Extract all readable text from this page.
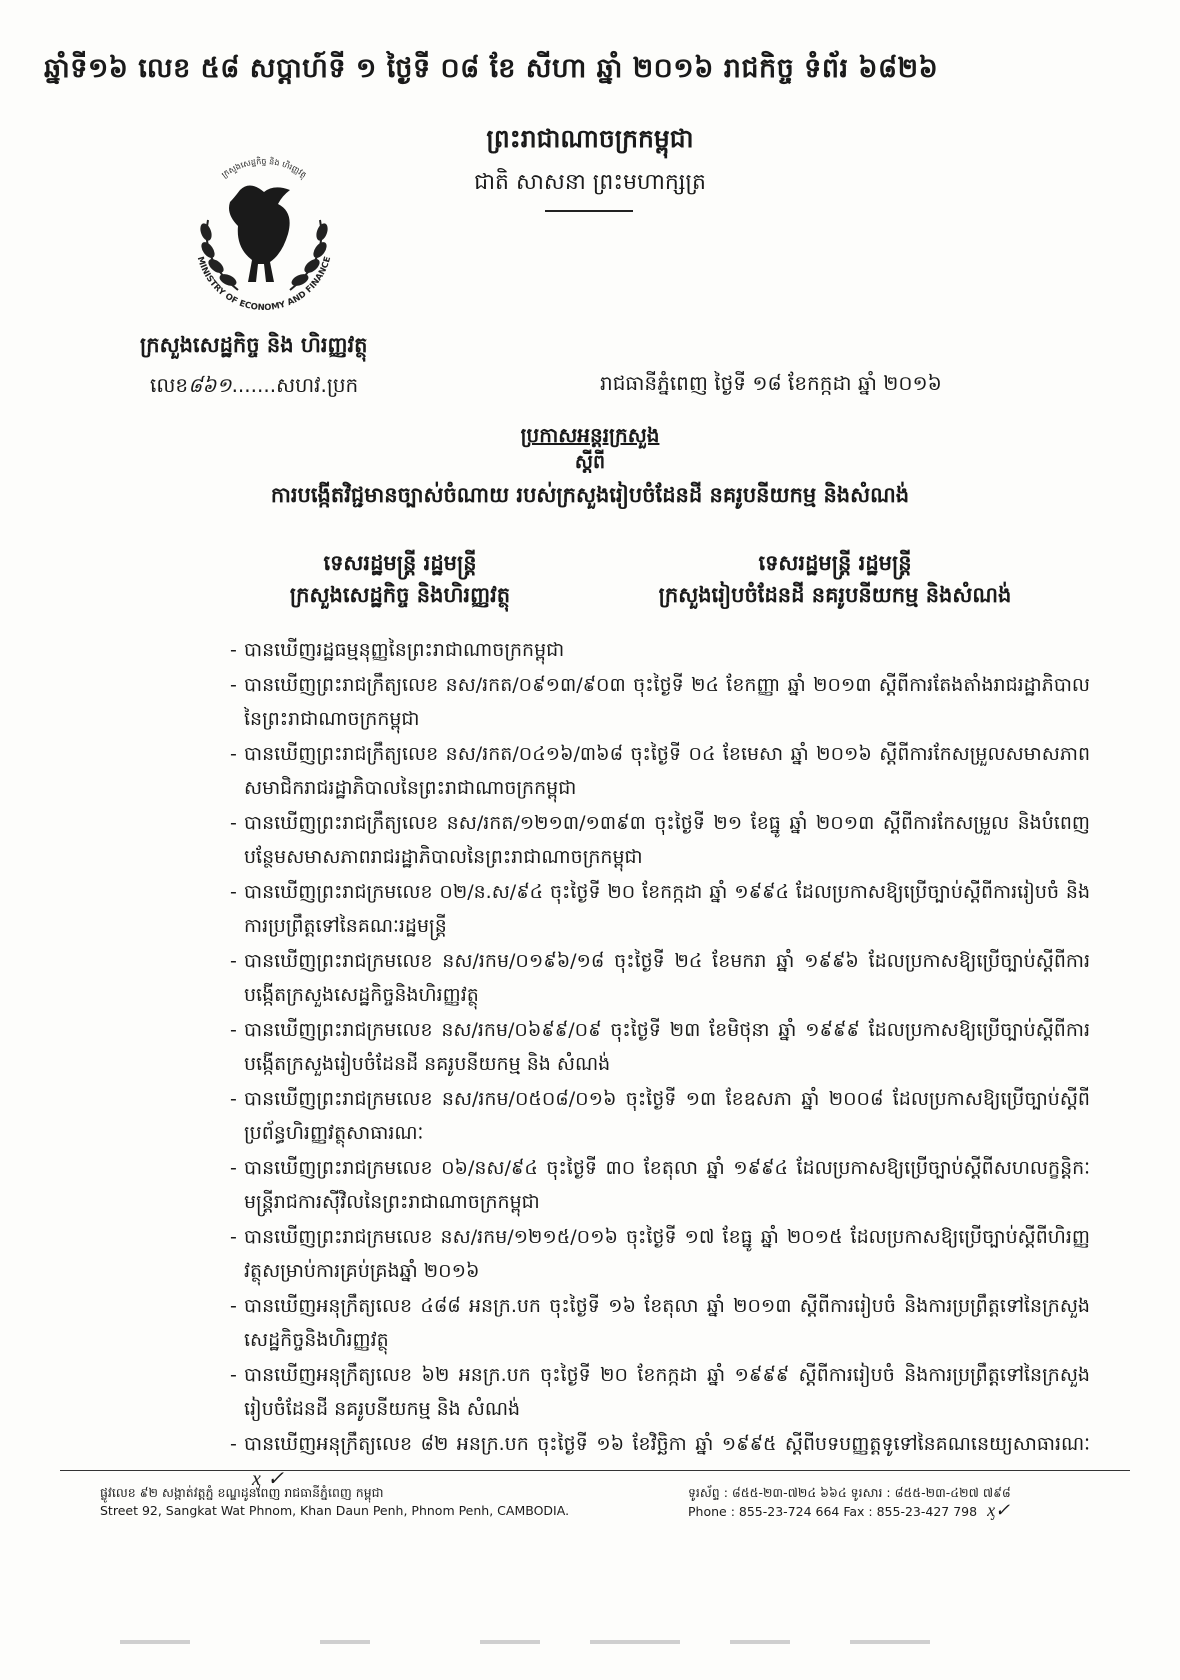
ឆ្នាំទី១៦ លេខ ៥៨ សប្តាហ៍ទី ១ ថ្ងៃទី ០៨ ខែ សីហា ឆ្នាំ ២០១៦ រាជកិច្ច ទំព័រ ៦៨២៦
ព្រះរាជាណាចក្រកម្ពុជា
ជាតិ សាសនា ព្រះមហាក្សត្រ
MINISTRY OF ECONOMY AND FINANCE
ក្រសួងសេដ្ឋកិច្ច និង ហិរញ្ញវត្ថុ
ក្រសួងសេដ្ឋកិច្ច និង ហិរញ្ញវត្ថុ
លេខ៨៦១.......សហវ.ប្រក	រាជធានីភ្នំពេញ ថ្ងៃទី ១៨ ខែកក្កដា ឆ្នាំ ២០១៦
ប្រកាសអន្តរក្រសួង
ស្តីពី
ការបង្កើតវិជ្ជមានច្បាស់ចំណាយ របស់ក្រសួងរៀបចំដែនដី នគរូបនីយកម្ម និងសំណង់
ទេសរដ្ឋមន្ត្រី រដ្ឋមន្ត្រី
ក្រសួងសេដ្ឋកិច្ច និងហិរញ្ញវត្ថុ
ទេសរដ្ឋមន្ត្រី រដ្ឋមន្ត្រី
ក្រសួងរៀបចំដែនដី នគរូបនីយកម្ម និងសំណង់
- បានឃើញរដ្ឋធម្មនុញ្ញនៃព្រះរាជាណាចក្រកម្ពុជា
- បានឃើញព្រះរាជក្រឹត្យលេខ នស/រកត/០៩១៣/៩០៣ ចុះថ្ងៃទី ២៤ ខែកញ្ញា ឆ្នាំ ២០១៣ ស្តីពីការតែងតាំងរាជរដ្ឋាភិបាល នៃព្រះរាជាណាចក្រកម្ពុជា
- បានឃើញព្រះរាជក្រឹត្យលេខ នស/រកត/០៤១៦/៣៦៨ ចុះថ្ងៃទី ០៤ ខែមេសា ឆ្នាំ ២០១៦ ស្តីពីការកែសម្រួលសមាសភាពសមាជិករាជរដ្ឋាភិបាលនៃព្រះរាជាណាចក្រកម្ពុជា
- បានឃើញព្រះរាជក្រឹត្យលេខ នស/រកត/១២១៣/១៣៩៣ ចុះថ្ងៃទី ២១ ខែធ្នូ ឆ្នាំ ២០១៣ ស្តីពីការកែសម្រួល និងបំពេញបន្ថែមសមាសភាពរាជរដ្ឋាភិបាលនៃព្រះរាជាណាចក្រកម្ពុជា
- បានឃើញព្រះរាជក្រមលេខ ០២/ន.ស/៩៤ ចុះថ្ងៃទី ២០ ខែកក្កដា ឆ្នាំ ១៩៩៤ ដែលប្រកាសឱ្យប្រើច្បាប់ស្តីពីការរៀបចំ និងការប្រព្រឹត្តទៅនៃគណៈរដ្ឋមន្ត្រី
- បានឃើញព្រះរាជក្រមលេខ នស/រកម/០១៩៦/១៨ ចុះថ្ងៃទី ២៤ ខែមករា ឆ្នាំ ១៩៩៦ ដែលប្រកាសឱ្យប្រើច្បាប់ស្តីពីការបង្កើតក្រសួងសេដ្ឋកិច្ចនិងហិរញ្ញវត្ថុ
- បានឃើញព្រះរាជក្រមលេខ នស/រកម/០៦៩៩/០៩ ចុះថ្ងៃទី ២៣ ខែមិថុនា ឆ្នាំ ១៩៩៩ ដែលប្រកាសឱ្យប្រើច្បាប់ស្តីពីការបង្កើតក្រសួងរៀបចំដែនដី នគរូបនីយកម្ម និង សំណង់
- បានឃើញព្រះរាជក្រមលេខ នស/រកម/០៥០៨/០១៦ ចុះថ្ងៃទី ១៣ ខែឧសភា ឆ្នាំ ២០០៨ ដែលប្រកាសឱ្យប្រើច្បាប់ស្តីពីប្រព័ន្ធហិរញ្ញវត្ថុសាធារណៈ
- បានឃើញព្រះរាជក្រមលេខ ០៦/នស/៩៤ ចុះថ្ងៃទី ៣០ ខែតុលា ឆ្នាំ ១៩៩៤ ដែលប្រកាសឱ្យប្រើច្បាប់ស្តីពីសហលក្ខន្តិកៈមន្ត្រីរាជការស៊ីវិលនៃព្រះរាជាណាចក្រកម្ពុជា
- បានឃើញព្រះរាជក្រមលេខ នស/រកម/១២១៥/០១៦ ចុះថ្ងៃទី ១៧ ខែធ្នូ ឆ្នាំ ២០១៥ ដែលប្រកាសឱ្យប្រើច្បាប់ស្តីពីហិរញ្ញវត្ថុសម្រាប់ការគ្រប់គ្រងឆ្នាំ ២០១៦
- បានឃើញអនុក្រឹត្យលេខ ៤៨៨ អនក្រ.បក ចុះថ្ងៃទី ១៦ ខែតុលា ឆ្នាំ ២០១៣ ស្តីពីការរៀបចំ និងការប្រព្រឹត្តទៅនៃក្រសួងសេដ្ឋកិច្ចនិងហិរញ្ញវត្ថុ
- បានឃើញអនុក្រឹត្យលេខ ៦២ អនក្រ.បក ចុះថ្ងៃទី ២០ ខែកក្កដា ឆ្នាំ ១៩៩៩ ស្តីពីការរៀបចំ និងការប្រព្រឹត្តទៅនៃក្រសួងរៀបចំដែនដី នគរូបនីយកម្ម និង សំណង់
- បានឃើញអនុក្រឹត្យលេខ ៨២ អនក្រ.បក ចុះថ្ងៃទី ១៦ ខែវិច្ឆិកា ឆ្នាំ ១៩៩៥ ស្តីពីបទបញ្ញត្តទូទៅនៃគណនេយ្យសាធារណៈᶍ ✓
ផ្លូវលេខ ៩២ សង្កាត់វត្តភ្នំ ខណ្ឌដូនពេញ រាជធានីភ្នំពេញ កម្ពុជា
Street 92, Sangkat Wat Phnom, Khan Daun Penh, Phnom Penh, CAMBODIA.
ទូរស័ព្ទ : ៨៥៥-២៣-៧២៤ ៦៦៤ ទូរសារ : ៨៥៥-២៣-៤២៧ ៧៩៨
Phone : 855-23-724 664 Fax : 855-23-427 798 ᶍ✓
